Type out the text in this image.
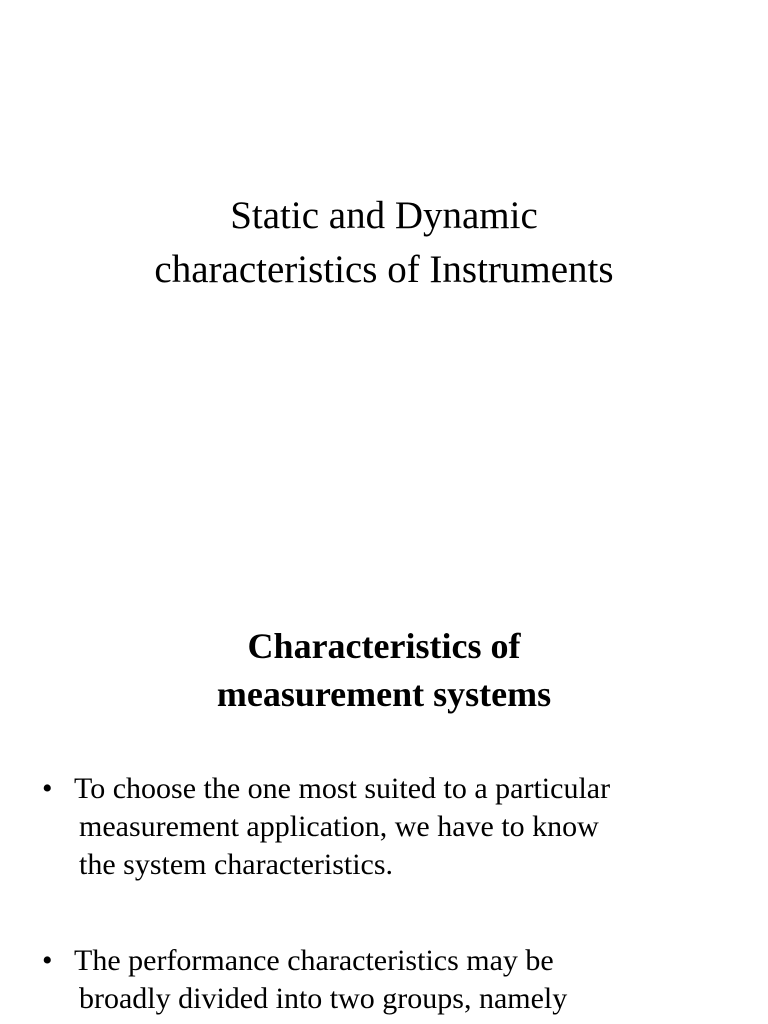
Static and Dynamic
characteristics of Instruments
Characteristics of
measurement systems
• To choose the one most suited to a particular
measurement application, we have to know
the system characteristics.
• The performance characteristics may be
broadly divided into two groups, namely
